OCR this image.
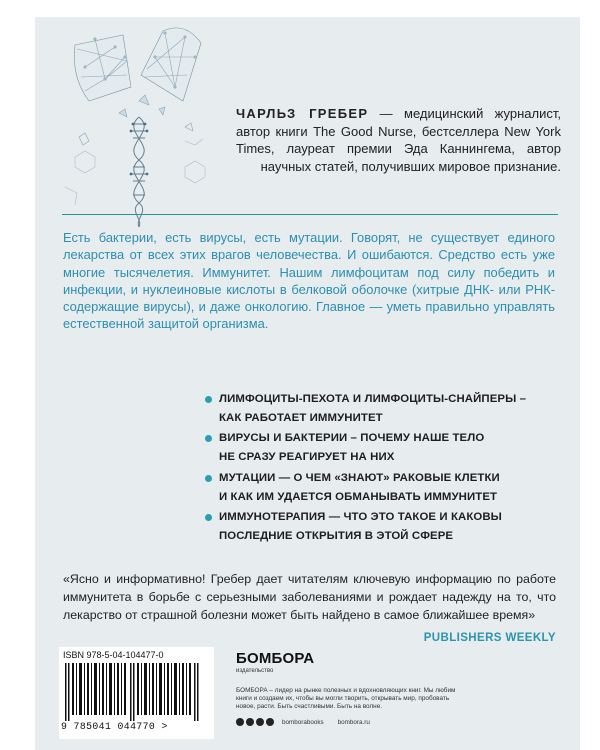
ЧАРЛЬЗ ГРЕБЕР — медицинский журналист, автор книги The Good Nurse, бестселлера New York Times, лауреат премии Эда Каннингема, автор научных статей, получивших мировое признание.
Есть бактерии, есть вирусы, есть мутации. Говорят, не существует единого лекарства от всех этих врагов человечества. И ошибаются. Средство есть уже многие тысячелетия. Иммунитет. Нашим лимфоцитам под силу победить и инфекции, и нуклеиновые кислоты в белковой оболочке (хитрые ДНК- или РНК-содержащие вирусы), и даже онкологию. Главное — уметь правильно управлять естественной защитой организма.
ЛИМФОЦИТЫ-ПЕХОТА И ЛИМФОЦИТЫ-СНАЙПЕРЫ –
КАК РАБОТАЕТ ИММУНИТЕТ
ВИРУСЫ И БАКТЕРИИ – ПОЧЕМУ НАШЕ ТЕЛО
НЕ СРАЗУ РЕАГИРУЕТ НА НИХ
МУТАЦИИ — О ЧЕМ «ЗНАЮТ» РАКОВЫЕ КЛЕТКИ
И КАК ИМ УДАЕТСЯ ОБМАНЫВАТЬ ИММУНИТЕТ
ИММУНОТЕРАПИЯ — ЧТО ЭТО ТАКОЕ И КАКОВЫ
ПОСЛЕДНИЕ ОТКРЫТИЯ В ЭТОЙ СФЕРЕ
«Ясно и информативно! Гребер дает читателям ключевую информацию по работе иммунитета в борьбе с серьезными заболеваниями и рождает надежду на то, что лекарство от страшной болезни может быть найдено в самое ближайшее время»
PUBLISHERS WEEKLY
ISBN 978-5-04-104477-0
9 785041 044770 >
БОМБОРА
издательство
БОМБОРА – лидер на рынке полезных и вдохновляющих книг. Мы любим книги и создаем их, чтобы вы могли творить, открывать мир, пробовать новое, расти. Быть счастливыми. Быть на волне.
bomborabooks bombora.ru
